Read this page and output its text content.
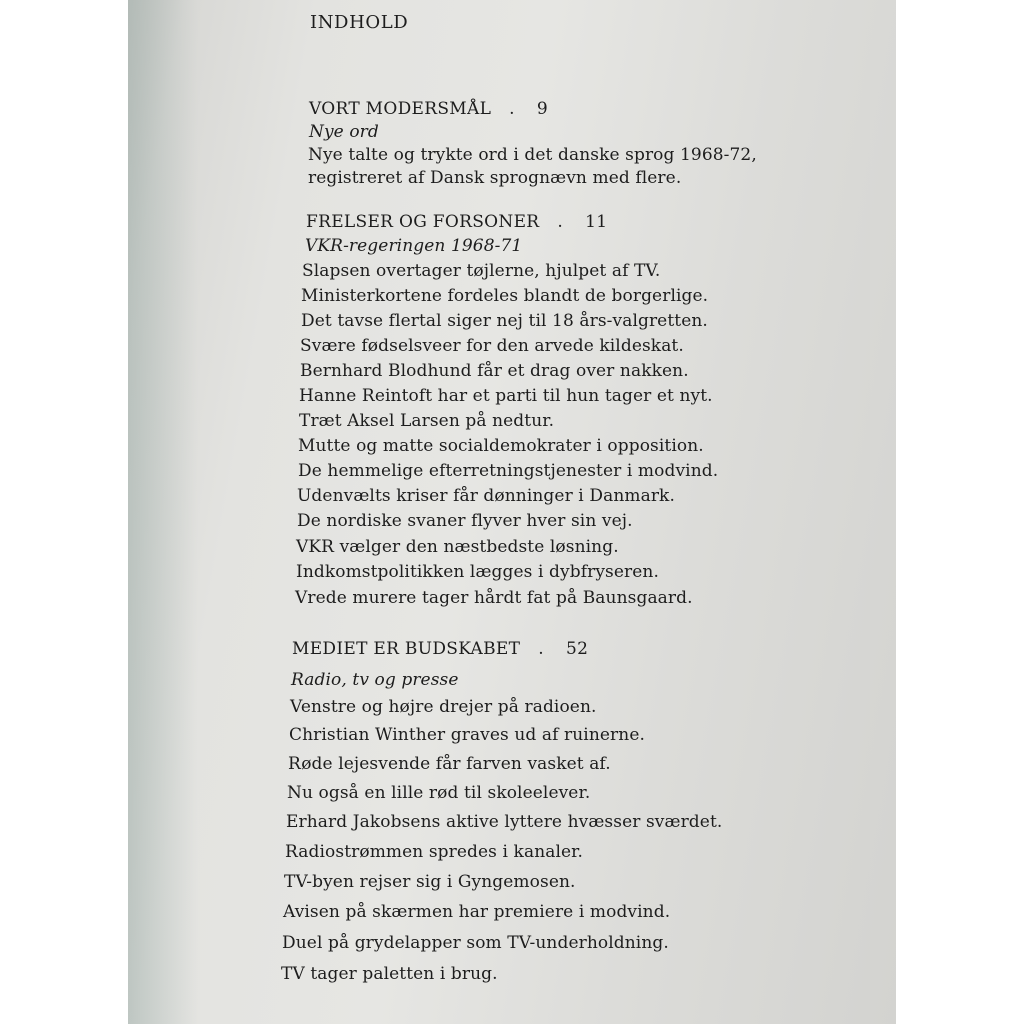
INDHOLD
VORT MODERSMÅL . 9
Nye ord
Nye talte og trykte ord i det danske sprog 1968-72,
registreret af Dansk sprognævn med flere.
FRELSER OG FORSONER . 11
VKR-regeringen 1968-71
Slapsen overtager tøjlerne, hjulpet af TV.
Ministerkortene fordeles blandt de borgerlige.
Det tavse flertal siger nej til 18 års-valgretten.
Svære fødselsveer for den arvede kildeskat.
Bernhard Blodhund får et drag over nakken.
Hanne Reintoft har et parti til hun tager et nyt.
Træt Aksel Larsen på nedtur.
Mutte og matte socialdemokrater i opposition.
De hemmelige efterretningstjenester i modvind.
Udenvælts kriser får dønninger i Danmark.
De nordiske svaner flyver hver sin vej.
VKR vælger den næstbedste løsning.
Indkomstpolitikken lægges i dybfryseren.
Vrede murere tager hårdt fat på Baunsgaard.
MEDIET ER BUDSKABET . 52
Radio, tv og presse
Venstre og højre drejer på radioen.
Christian Winther graves ud af ruinerne.
Røde lejesvende får farven vasket af.
Nu også en lille rød til skoleelever.
Erhard Jakobsens aktive lyttere hvæsser sværdet.
Radiostrømmen spredes i kanaler.
TV-byen rejser sig i Gyngemosen.
Avisen på skærmen har premiere i modvind.
Duel på grydelapper som TV-underholdning.
TV tager paletten i brug.
